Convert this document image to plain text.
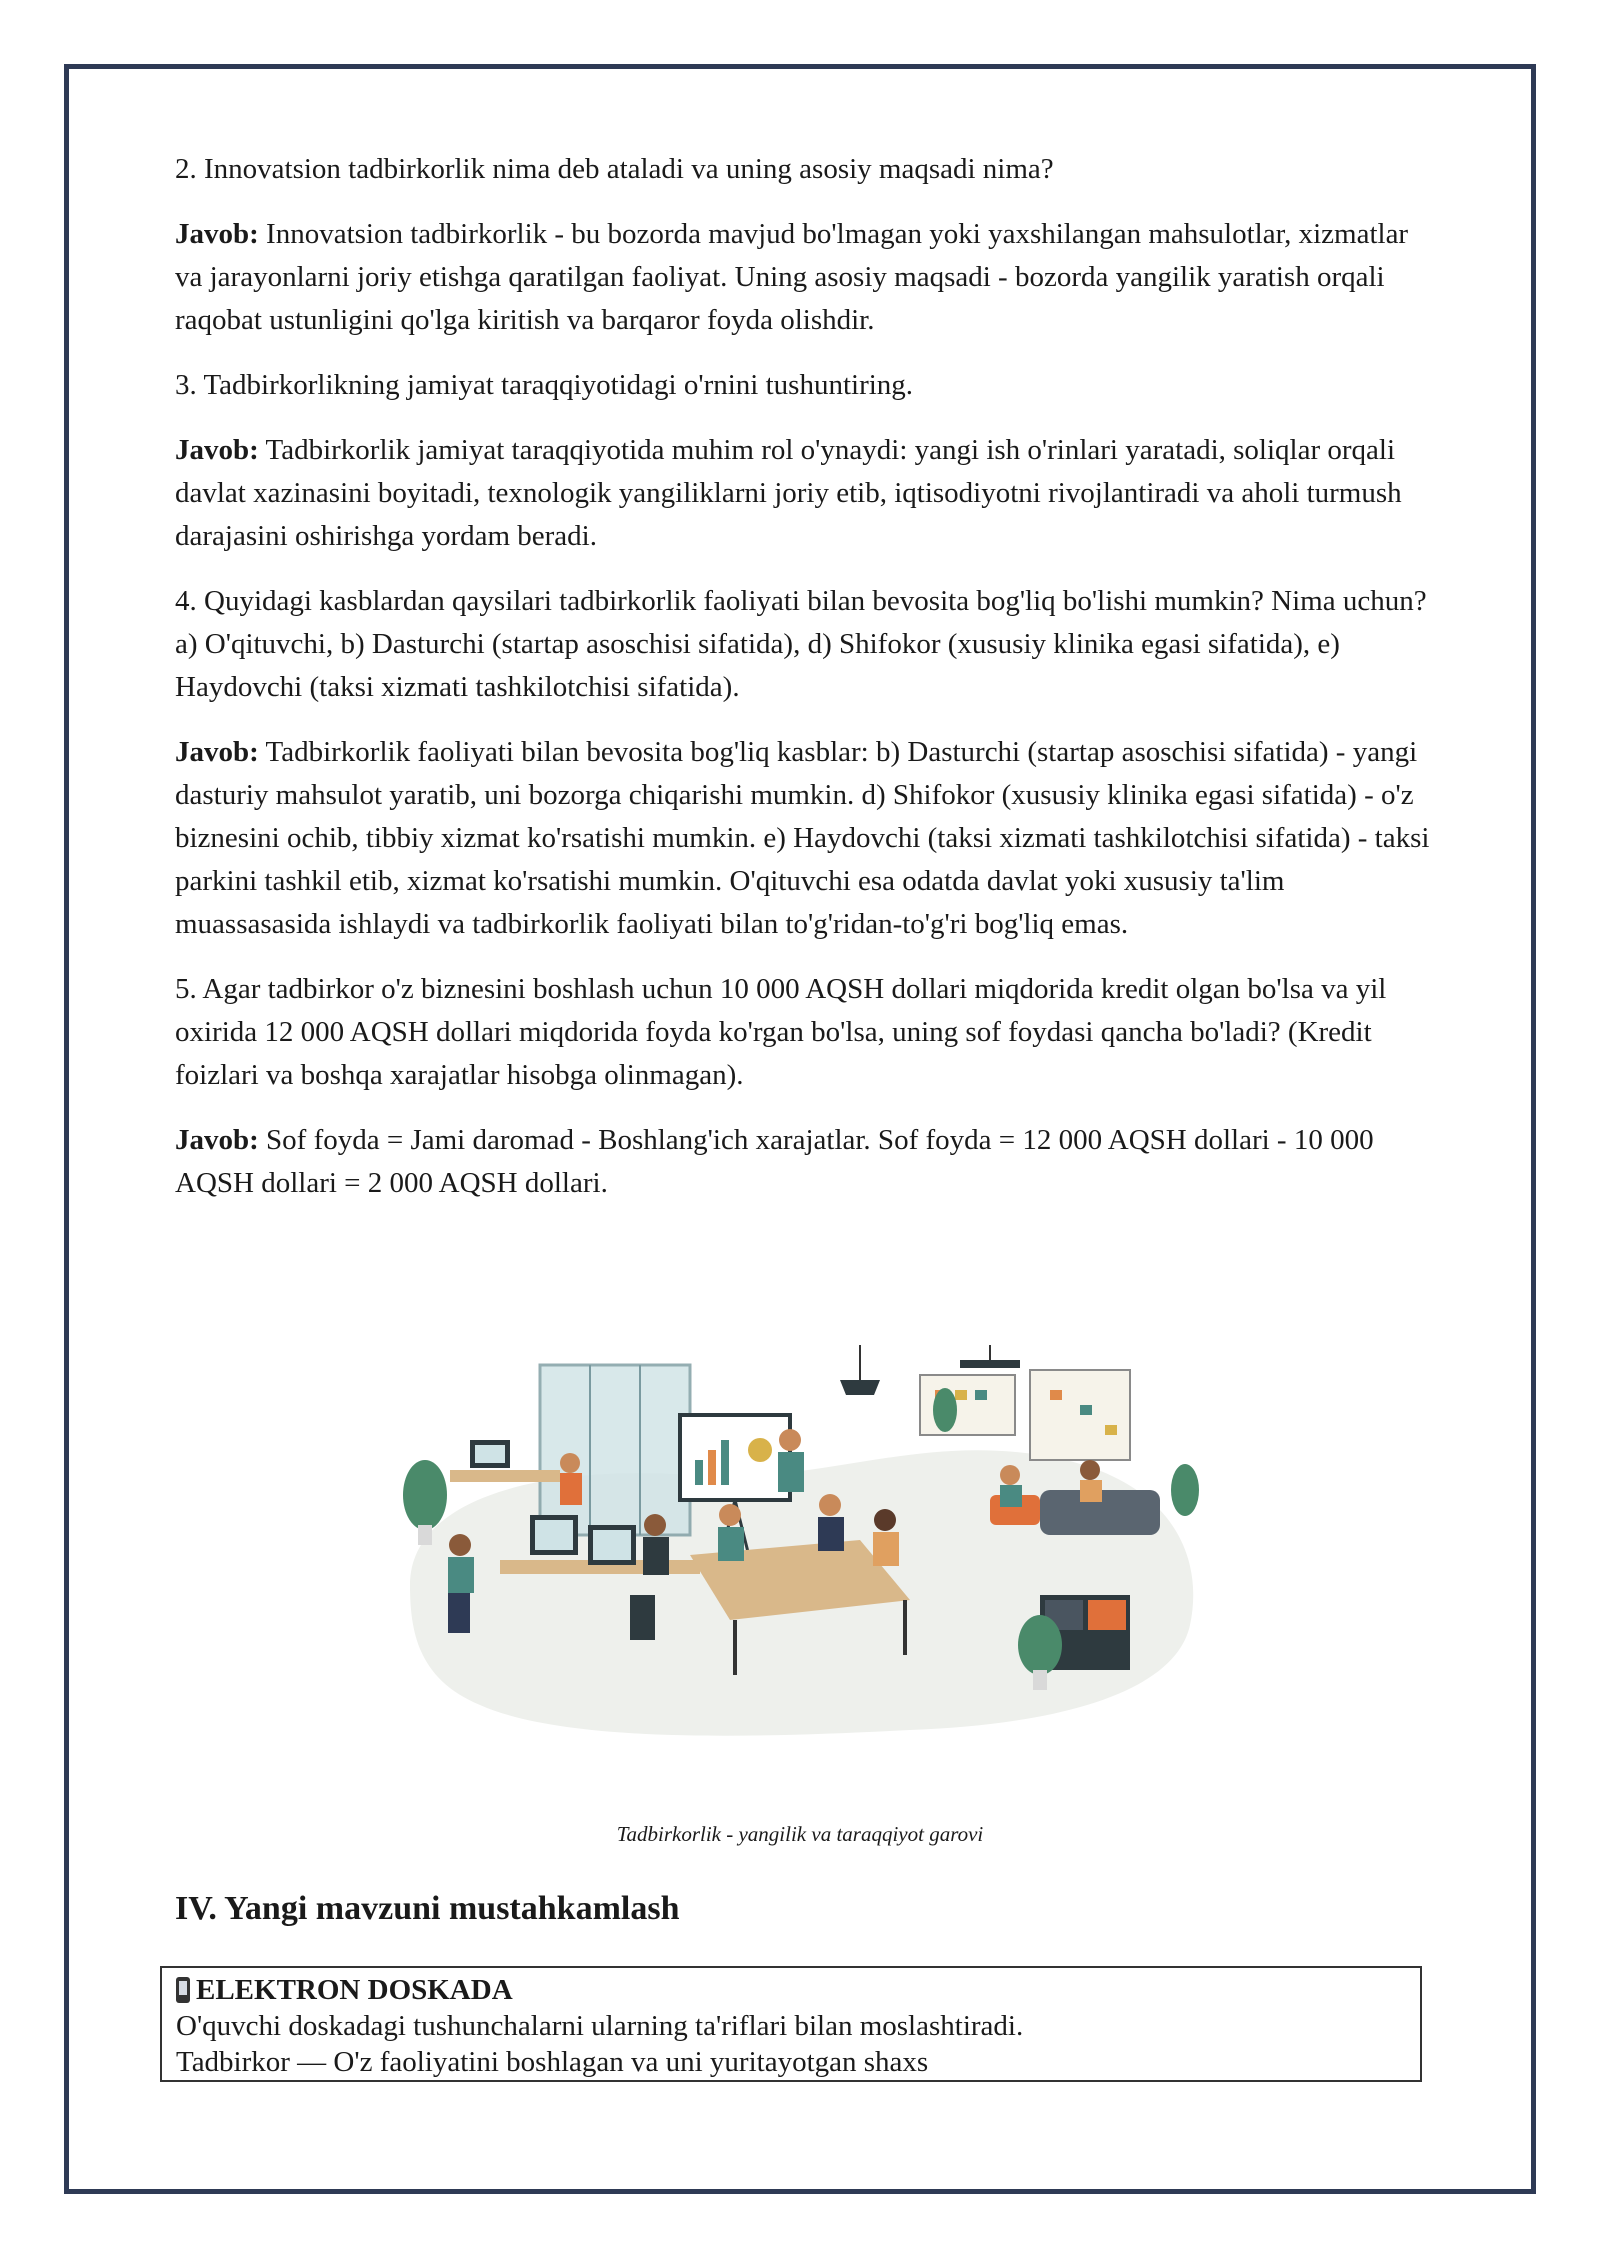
2. Innovatsion tadbirkorlik nima deb ataladi va uning asosiy maqsadi nima?

Javob: Innovatsion tadbirkorlik - bu bozorda mavjud bo'lmagan yoki yaxshilangan mahsulotlar, xizmatlar va jarayonlarni joriy etishga qaratilgan faoliyat. Uning asosiy maqsadi - bozorda yangilik yaratish orqali raqobat ustunligini qo'lga kiritish va barqaror foyda olishdir.

3. Tadbirkorlikning jamiyat taraqqiyotidagi o'rnini tushuntiring.

Javob: Tadbirkorlik jamiyat taraqqiyotida muhim rol o'ynaydi: yangi ish o'rinlari yaratadi, soliqlar orqali davlat xazinasini boyitadi, texnologik yangiliklarni joriy etib, iqtisodiyotni rivojlantiradi va aholi turmush darajasini oshirishga yordam beradi.

4. Quyidagi kasblardan qaysilari tadbirkorlik faoliyati bilan bevosita bog'liq bo'lishi mumkin? Nima uchun? a) O'qituvchi, b) Dasturchi (startap asoschisi sifatida), d) Shifokor (xususiy klinika egasi sifatida), e) Haydovchi (taksi xizmati tashkilotchisi sifatida).

Javob: Tadbirkorlik faoliyati bilan bevosita bog'liq kasblar: b) Dasturchi (startap asoschisi sifatida) - yangi dasturiy mahsulot yaratib, uni bozorga chiqarishi mumkin. d) Shifokor (xususiy klinika egasi sifatida) - o'z biznesini ochib, tibbiy xizmat ko'rsatishi mumkin. e) Haydovchi (taksi xizmati tashkilotchisi sifatida) - taksi parkini tashkil etib, xizmat ko'rsatishi mumkin. O'qituvchi esa odatda davlat yoki xususiy ta'lim muassasasida ishlaydi va tadbirkorlik faoliyati bilan to'g'ridan-to'g'ri bog'liq emas.

5. Agar tadbirkor o'z biznesini boshlash uchun 10 000 AQSH dollari miqdorida kredit olgan bo'lsa va yil oxirida 12 000 AQSH dollari miqdorida foyda ko'rgan bo'lsa, uning sof foydasi qancha bo'ladi? (Kredit foizlari va boshqa xarajatlar hisobga olinmagan).

Javob: Sof foyda = Jami daromad - Boshlang'ich xarajatlar. Sof foyda = 12 000 AQSH dollari - 10 000 AQSH dollari = 2 000 AQSH dollari.

Tadbirkorlik - yangilik va taraqqiyot garovi
IV. Yangi mavzuni mustahkamlash
ELEKTRON DOSKADA
O'quvchi doskadagi tushunchalarni ularning ta'riflari bilan moslashtiradi.
Tadbirkor — O'z faoliyatini boshlagan va uni yuritayotgan shaxs
